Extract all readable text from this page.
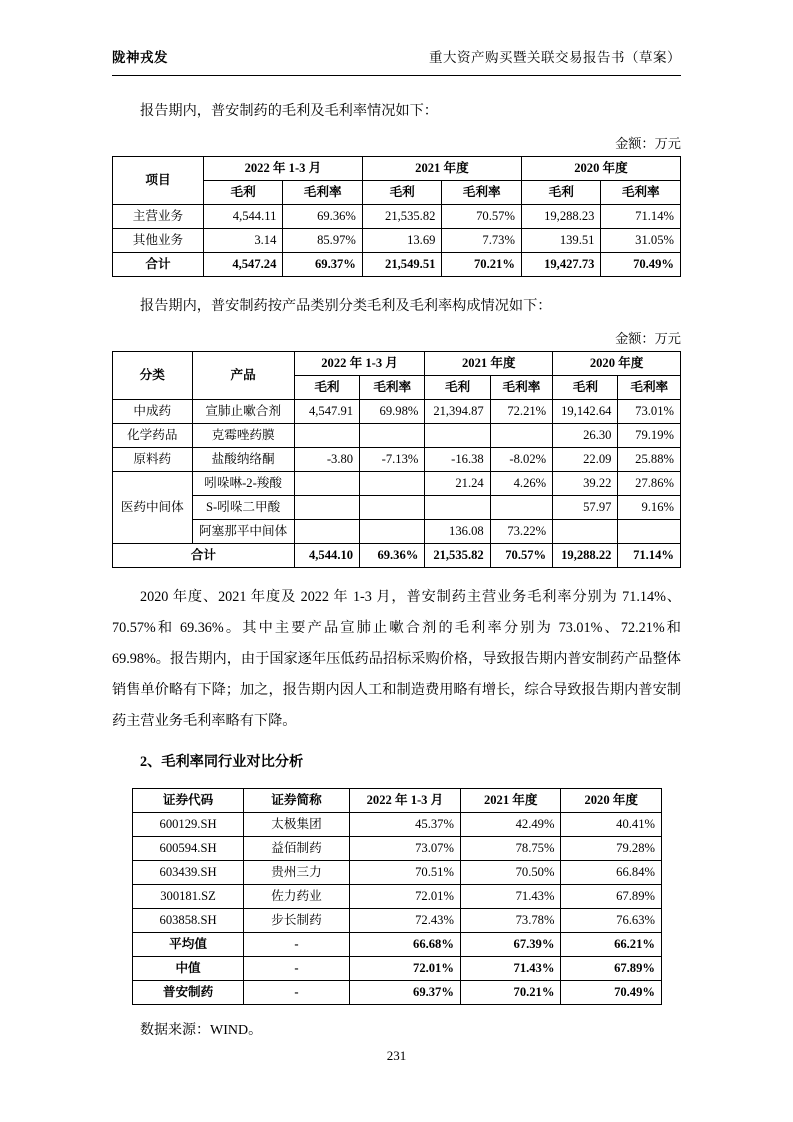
陇神戎发	重大资产购买暨关联交易报告书（草案）

报告期内，普安制药的毛利及毛利率情况如下：

金额：万元
项目	2022 年 1-3 月		2021 年度		2020 年度	
	毛利	毛利率	毛利	毛利率	毛利	毛利率
主营业务	4,544.11	69.36%	21,535.82	70.57%	19,288.23	71.14%
其他业务	3.14	85.97%	13.69	7.73%	139.51	31.05%
合计	4,547.24	69.37%	21,549.51	70.21%	19,427.73	70.49%

报告期内，普安制药按产品类别分类毛利及毛利率构成情况如下：

金额：万元
分类	产品	2022 年 1-3 月		2021 年度		2020 年度	
		毛利	毛利率	毛利	毛利率	毛利	毛利率
中成药	宣肺止嗽合剂	4,547.91	69.98%	21,394.87	72.21%	19,142.64	73.01%
化学药品	克霉唑药膜					26.30	79.19%
原料药	盐酸纳络酮	-3.80	-7.13%	-16.38	-8.02%	22.09	25.88%
医药中间体	吲哚啉-2-羧酸			21.24	4.26%	39.22	27.86%
	S-吲哚二甲酸					57.97	9.16%
	阿塞那平中间体			136.08	73.22%		
合计		4,544.10	69.36%	21,535.82	70.57%	19,288.22	71.14%

2020 年度、2021 年度及 2022 年 1-3 月，普安制药主营业务毛利率分别为 71.14%、70.57%和 69.36%。其中主要产品宣肺止嗽合剂的毛利率分别为 73.01%、72.21%和 69.98%。报告期内，由于国家逐年压低药品招标采购价格，导致报告期内普安制药产品整体销售单价略有下降；加之，报告期内因人工和制造费用略有增长，综合导致报告期内普安制药主营业务毛利率略有下降。

2、毛利率同行业对比分析

证券代码	证券简称	2022 年 1-3 月	2021 年度	2020 年度
600129.SH	太极集团	45.37%	42.49%	40.41%
600594.SH	益佰制药	73.07%	78.75%	79.28%
603439.SH	贵州三力	70.51%	70.50%	66.84%
300181.SZ	佐力药业	72.01%	71.43%	67.89%
603858.SH	步长制药	72.43%	73.78%	76.63%
平均值	-	66.68%	67.39%	66.21%
中值	-	72.01%	71.43%	67.89%
普安制药	-	69.37%	70.21%	70.49%
数据来源：WIND。
231
